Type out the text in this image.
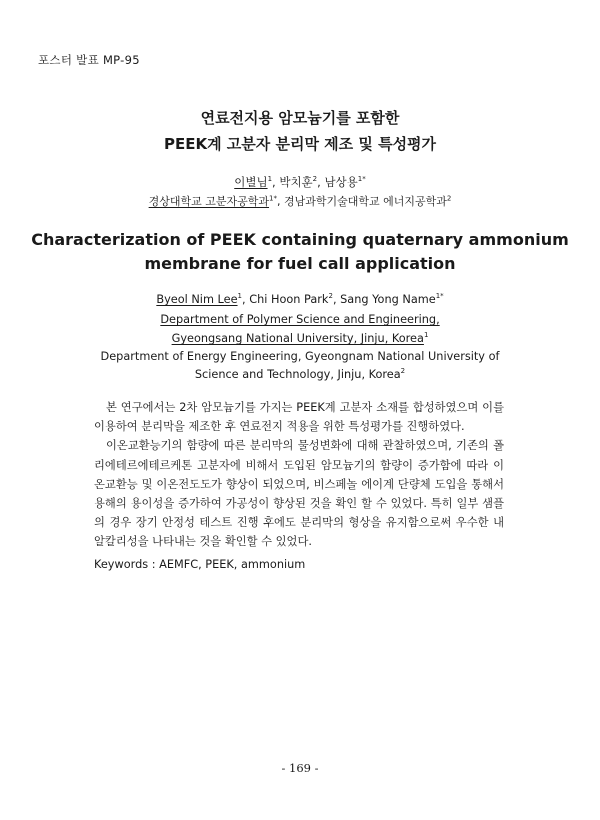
포스터 발표 MP-95
연료전지용 암모늄기를 포함한
PEEK계 고분자 분리막 제조 및 특성평가
이별님$^1$, 박치훈$^2$, 남상용$^{1*}$
경상대학교 고분자공학과$^{1*}$, 경남과학기술대학교 에너지공학과$^2$
Characterization of PEEK containing quaternary ammonium
membrane for fuel call application
Byeol Nim Lee$^1$, Chi Hoon Park$^2$, Sang Yong Name$^{1*}$
Department of Polymer Science and Engineering,
Gyeongsang National University, Jinju, Korea$^1$
Department of Energy Engineering, Gyeongnam National University of
Science and Technology, Jinju, Korea$^2$

본 연구에서는 2차 암모늄기를 가지는 PEEK계 고분자 소재를 합성하였으며 이를 이용하여 분리막을 제조한 후 연료전지 적용을 위한 특성평가를 진행하였다.

이온교환능기의 함량에 따른 분리막의 물성변화에 대해 관찰하였으며, 기존의 폴리에테르에테르케톤 고분자에 비해서 도입된 암모늄기의 함량이 증가함에 따라 이온교환능 및 이온전도도가 향상이 되었으며, 비스페놀 에이계 단량체 도입을 통해서 용해의 용이성을 증가하여 가공성이 향상된 것을 확인 할 수 있었다. 특히 일부 샘플의 경우 장기 안정성 테스트 진행 후에도 분리막의 형상을 유지함으로써 우수한 내 알칼리성을 나타내는 것을 확인할 수 있었다.

Keywords : AEMFC, PEEK, ammonium
- 169 -
